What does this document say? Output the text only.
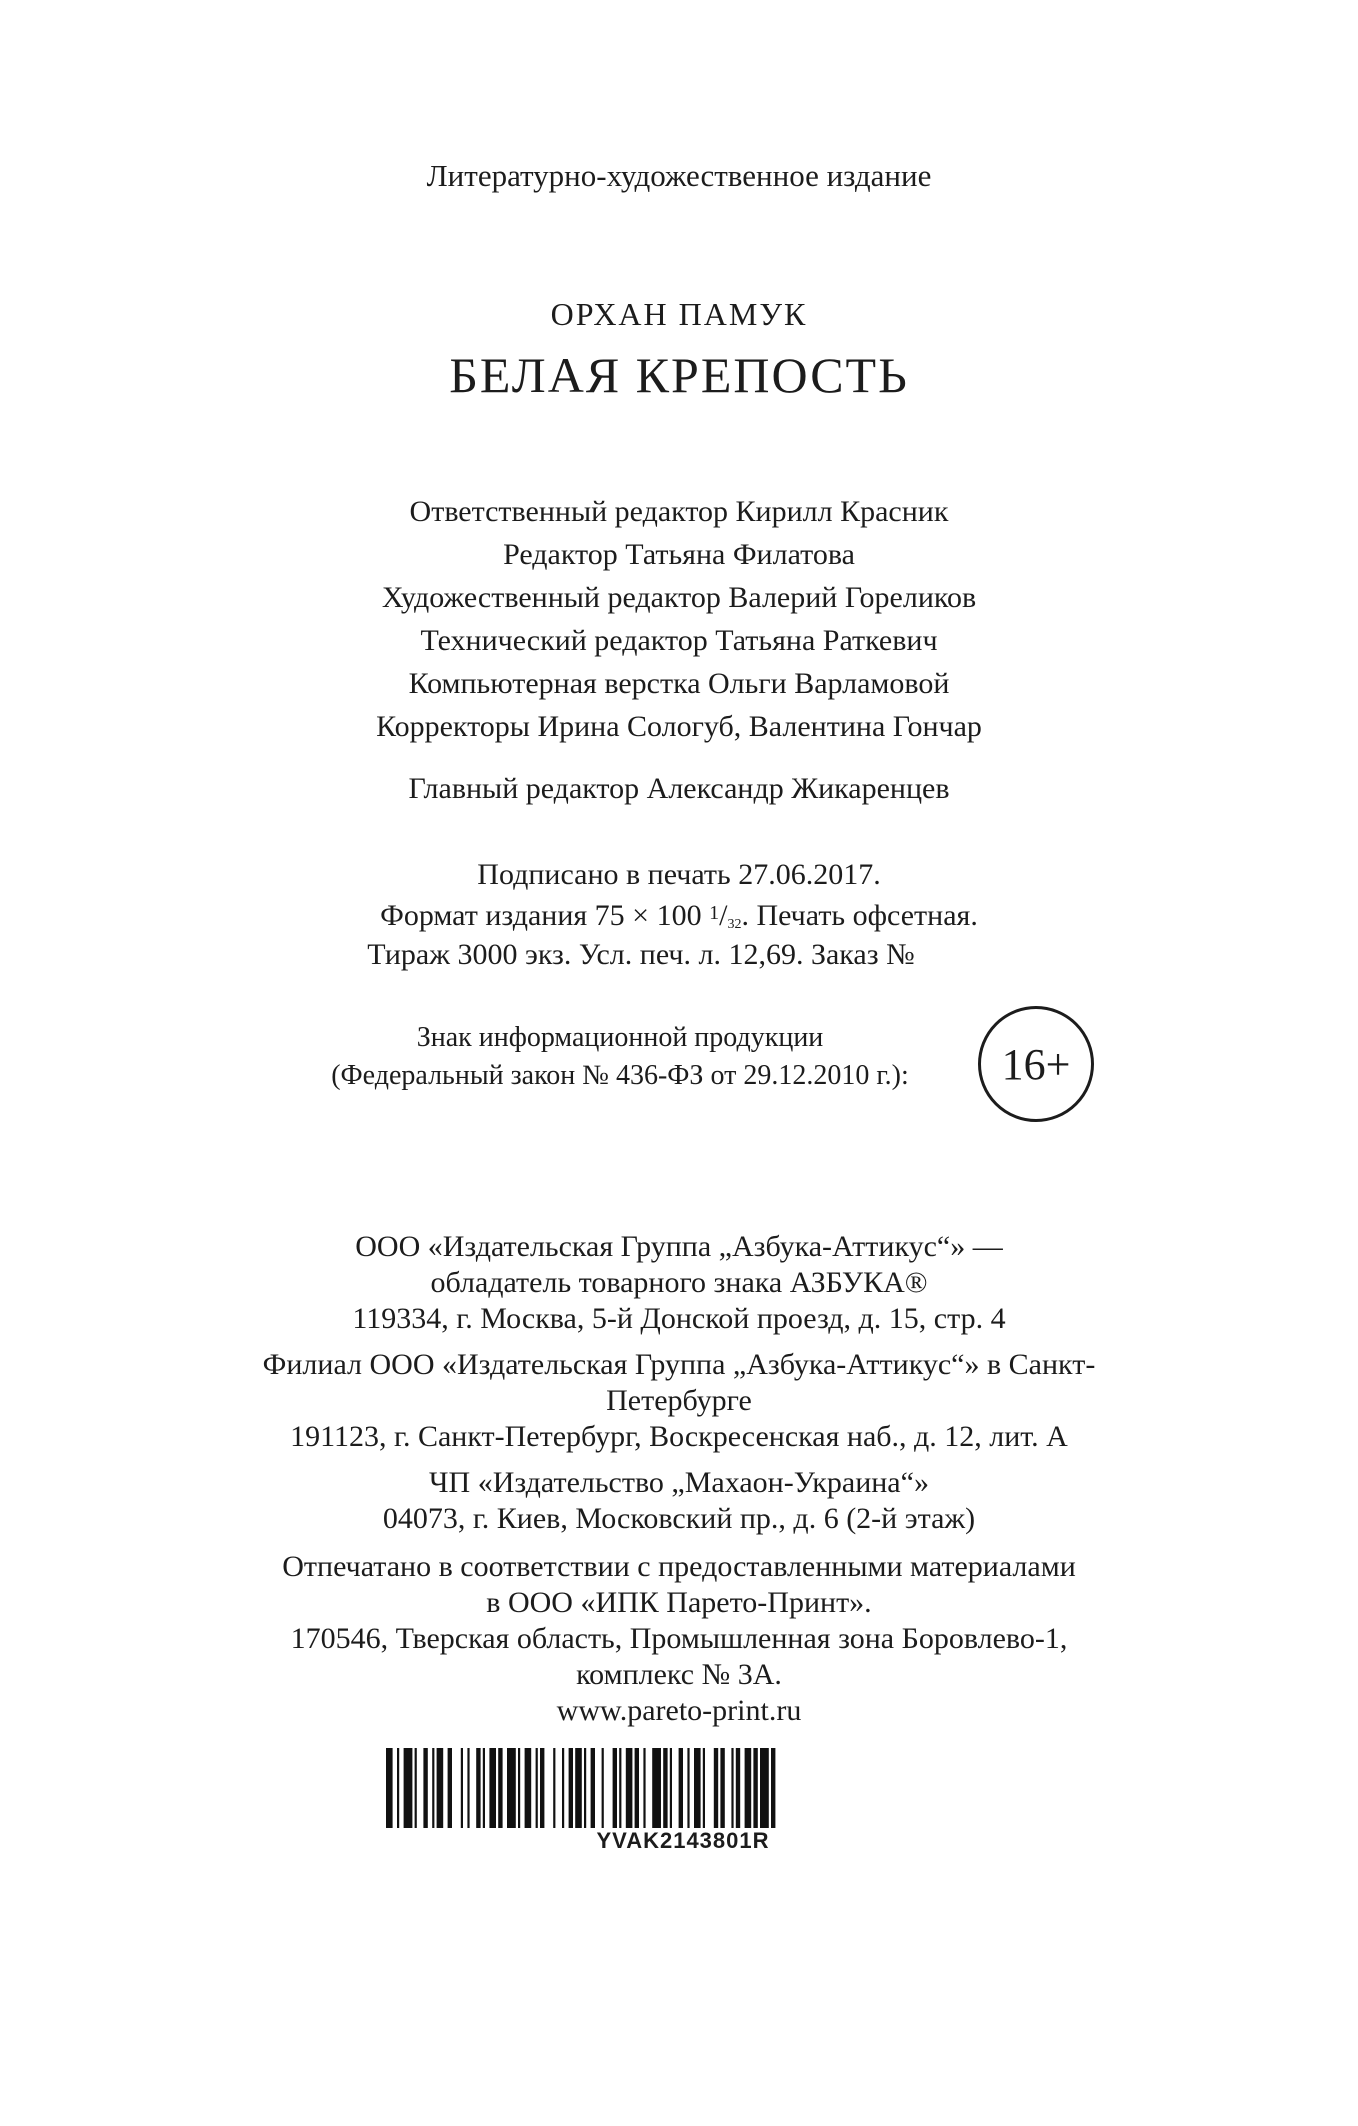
Литературно-художественное издание
ОРХАН ПАМУК
БЕЛАЯ КРЕПОСТЬ
Ответственный редактор Кирилл Красник
Редактор Татьяна Филатова
Художественный редактор Валерий Гореликов
Технический редактор Татьяна Раткевич
Компьютерная верстка Ольги Варламовой
Корректоры Ирина Сологуб, Валентина Гончар
Главный редактор Александр Жикаренцев
Подписано в печать 27.06.2017.
Формат издания 75 × 100 $^1/_{32}$. Печать офсетная.
Тираж 3000 экз. Усл. печ. л. 12,69. Заказ №
Знак информационной продукции
(Федеральный закон № 436-ФЗ от 29.12.2010 г.):	16+
ООО «Издательская Группа „Азбука-Аттикус“» —
обладатель товарного знака АЗБУКА®
119334, г. Москва, 5-й Донской проезд, д. 15, стр. 4
Филиал ООО «Издательская Группа „Азбука-Аттикус“» в Санкт-
Петербурге
191123, г. Санкт-Петербург, Воскресенская наб., д. 12, лит. А
ЧП «Издательство „Махаон-Украина“»
04073, г. Киев, Московский пр., д. 6 (2-й этаж)
Отпечатано в соответствии с предоставленными материалами
в ООО «ИПК Парето-Принт».
170546, Тверская область, Промышленная зона Боровлево-1,
комплекс № 3А.
www.pareto-print.ru
YVAK2143801R
